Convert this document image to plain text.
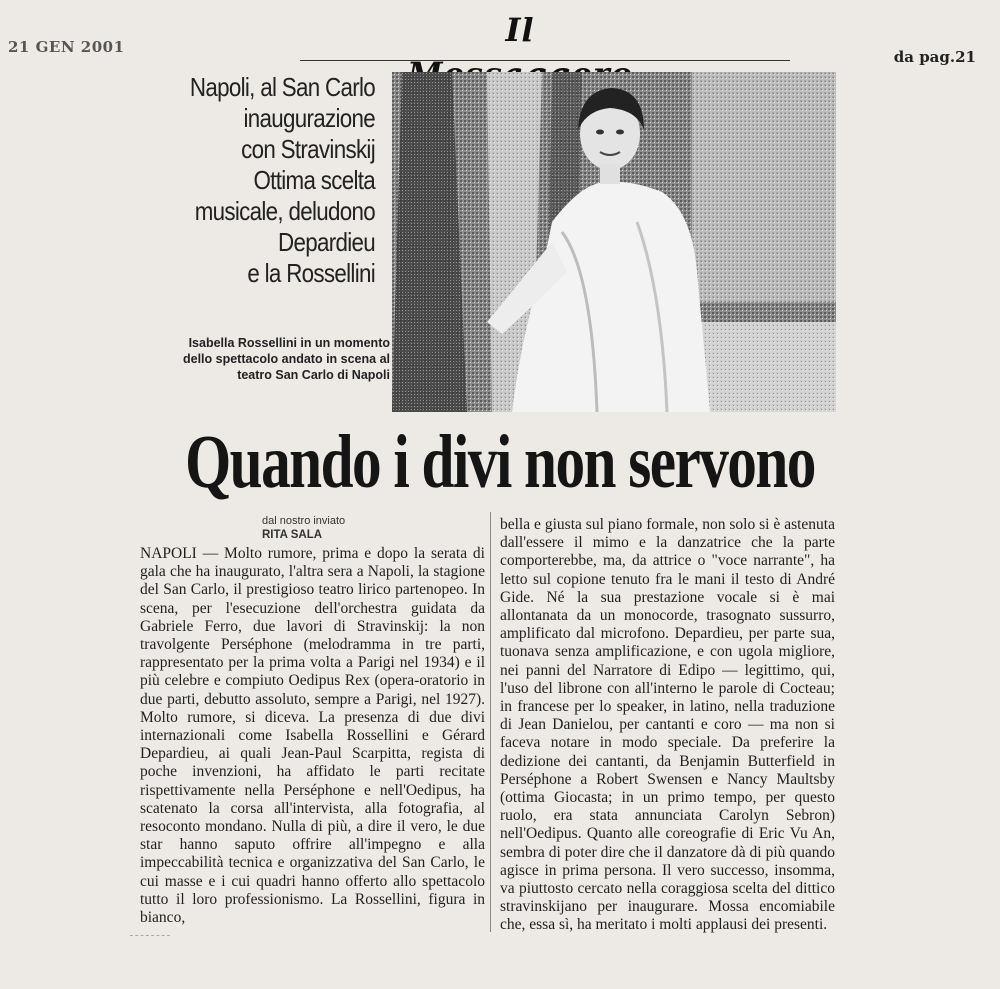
21 GEN 2001	Il
da pag.21
Napoli, al San Carlo
inaugurazione
con Stravinskij
Ottima scelta
musicale, deludono
Depardieu
e la Rossellini
Isabella Rossellini in un momento dello spettacolo andato in scena al teatro San Carlo di Napoli
Quando i divi non servono
dal nostro inviato
RITA SALA
NAPOLI — Molto rumore, prima e dopo la serata di gala che ha inaugurato, l'altra sera a Napoli, la stagione del San Carlo, il prestigioso teatro lirico partenopeo. In scena, per l'esecuzione dell'orchestra guidata da Gabriele Ferro, due lavori di Stravinskij: la non travolgente Perséphone (melodramma in tre parti, rappresentato per la prima volta a Parigi nel 1934) e il più celebre e compiuto Oedipus Rex (opera-oratorio in due parti, debutto assoluto, sempre a Parigi, nel 1927). Molto rumore, si diceva. La presenza di due divi internazionali come Isabella Rossellini e Gérard Depardieu, ai quali Jean-Paul Scarpitta, regista di poche invenzioni, ha affidato le parti recitate rispettivamente nella Perséphone e nell'Oedipus, ha scatenato la corsa all'intervista, alla fotografia, al resoconto mondano. Nulla di più, a dire il vero, le due star hanno saputo offrire all'impegno e alla impeccabilità tecnica e organizzativa del San Carlo, le cui masse e i cui quadri hanno offerto allo spettacolo tutto il loro professionismo. La Rossellini, figura in bianco,
bella e giusta sul piano formale, non solo si è astenuta dall'essere il mimo e la danzatrice che la parte comporterebbe, ma, da attrice o "voce narrante", ha letto sul copione tenuto fra le mani il testo di André Gide. Né la sua prestazione vocale si è mai allontanata da un monocorde, trasognato sussurro, amplificato dal microfono. Depardieu, per parte sua, tuonava senza amplificazione, e con ugola migliore, nei panni del Narratore di Edipo — legittimo, qui, l'uso del librone con all'interno le parole di Cocteau; in francese per lo speaker, in latino, nella traduzione di Jean Danielou, per cantanti e coro — ma non si faceva notare in modo speciale. Da preferire la dedizione dei cantanti, da Benjamin Butterfield in Perséphone a Robert Swensen e Nancy Maultsby (ottima Giocasta; in un primo tempo, per questo ruolo, era stata annunciata Carolyn Sebron) nell'Oedipus. Quanto alle coreografie di Eric Vu An, sembra di poter dire che il danzatore dà di più quando agisce in prima persona. Il vero successo, insomma, va piuttosto cercato nella coraggiosa scelta del dittico stravinskijano per inaugurare. Mossa encomiabile che, essa sì, ha meritato i molti applausi dei presenti.
